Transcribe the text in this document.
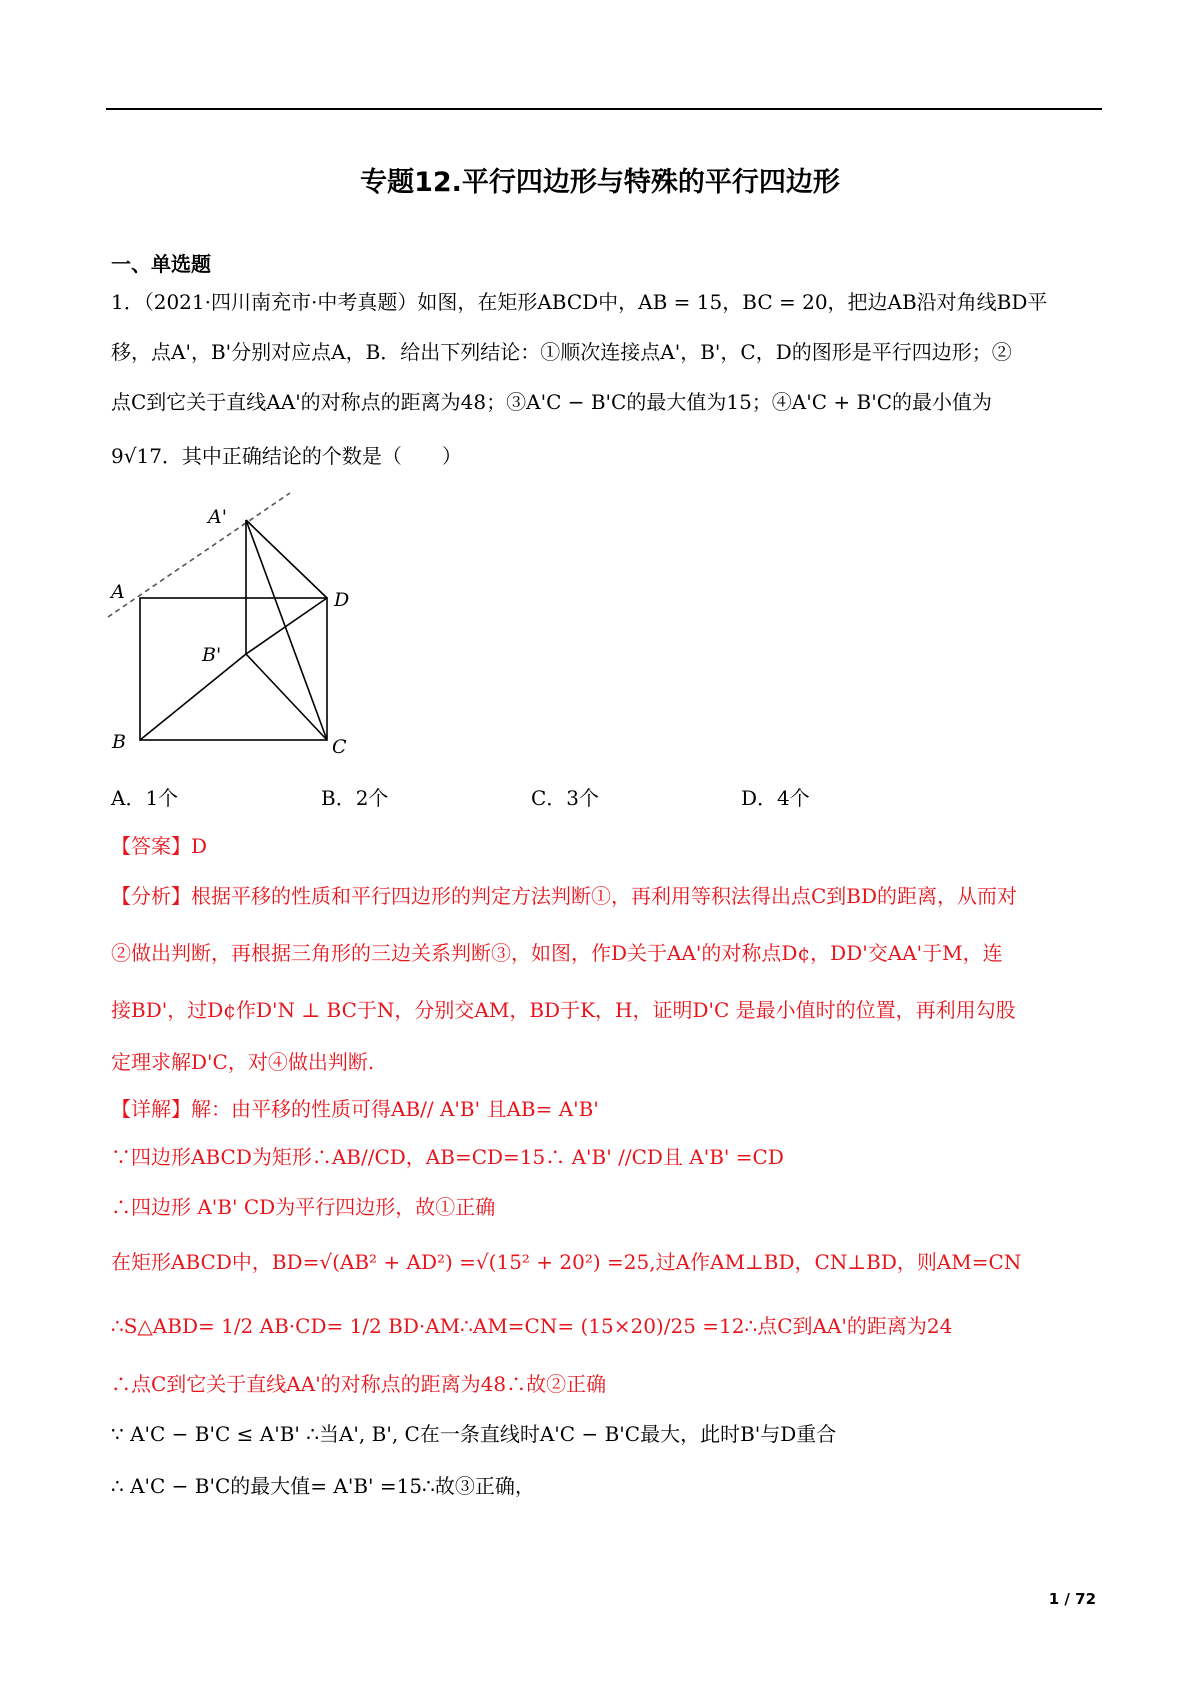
专题12.平行四边形与特殊的平行四边形
一、单选题
1．（2021·四川南充市·中考真题）如图，在矩形ABCD中，AB = 15，BC = 20，把边AB沿对角线BD平
移，点A'，B'分别对应点A，B．给出下列结论：①顺次连接点A'，B'，C，D的图形是平行四边形；②
点C到它关于直线AA'的对称点的距离为48；③A'C − B'C的最大值为15；④A'C + B'C的最小值为
9√17．其中正确结论的个数是（　　）
A'
A	D
B'
B	C
A．1个	B．2个	C．3个	D．4个
【答案】D
【分析】根据平移的性质和平行四边形的判定方法判断①，再利用等积法得出点C到BD的距离，从而对
②做出判断，再根据三角形的三边关系判断③，如图，作D关于AA'的对称点D¢，DD'交AA'于M，连
接BD'，过D¢作D'N ⊥ BC于N，分别交AM，BD于K，H，证明D'C 是最小值时的位置，再利用勾股
定理求解D'C，对④做出判断.
【详解】解：由平移的性质可得AB// A'B' 且AB= A'B'
∵四边形ABCD为矩形∴AB//CD，AB=CD=15∴ A'B' //CD且 A'B' =CD
∴四边形 A'B' CD为平行四边形，故①正确
在矩形ABCD中，BD=√(AB² + AD²) =√(15² + 20²) =25,过A作AM⊥BD，CN⊥BD，则AM=CN
∴S△ABD= 1/2 AB·CD= 1/2 BD·AM∴AM=CN= (15×20)/25 =12∴点C到AA'的距离为24
∴点C到它关于直线AA'的对称点的距离为48∴故②正确
∵ A'C − B'C ≤ A'B' ∴当A', B', C在一条直线时A'C − B'C最大，此时B'与D重合
∴ A'C − B'C的最大值= A'B' =15∴故③正确，
1 / 72
